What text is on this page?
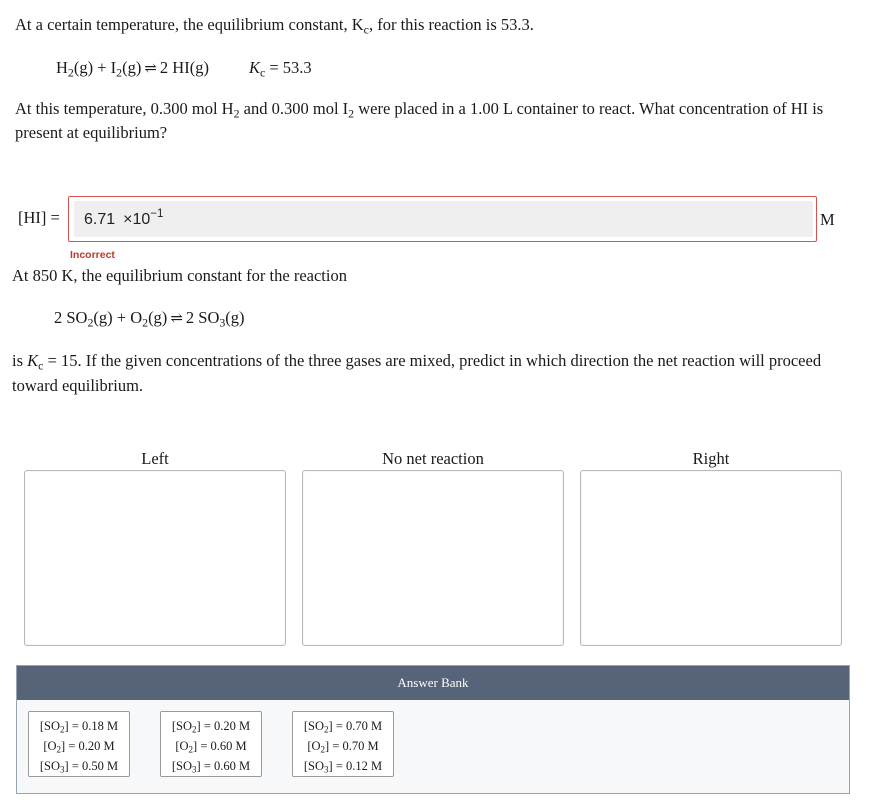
At a certain temperature, the equilibrium constant, $K_c$, for this reaction is 53.3.
$H_2(g) + I_2(g)$ ⇌ 2 HI(g) $K_c = 53.3$
At this temperature, 0.300 mol $H_2$ and 0.300 mol $I_2$ were placed in a 1.00 L container to react. What concentration of HI is present at equilibrium?
$[HI] = 6.71 \times 10^{-1}$	M
Incorrect
At 850 K, the equilibrium constant for the reaction
2 $SO_2(g) + O_2(g)$ ⇌ 2 $SO_3(g)$
is $K_c = 15$. If the given concentrations of the three gases are mixed, predict in which direction the net reaction will proceed toward equilibrium.
Left	No net reaction	Right
Answer Bank
$[SO_2] = 0.18$ M
$[O_2] = 0.20$ M
$[SO_3] = 0.50$ M
$[SO_2] = 0.20$ M
$[O_2] = 0.60$ M
$[SO_3] = 0.60$ M
$[SO_2] = 0.70$ M
$[O_2] = 0.70$ M
$[SO_3] = 0.12$ M
